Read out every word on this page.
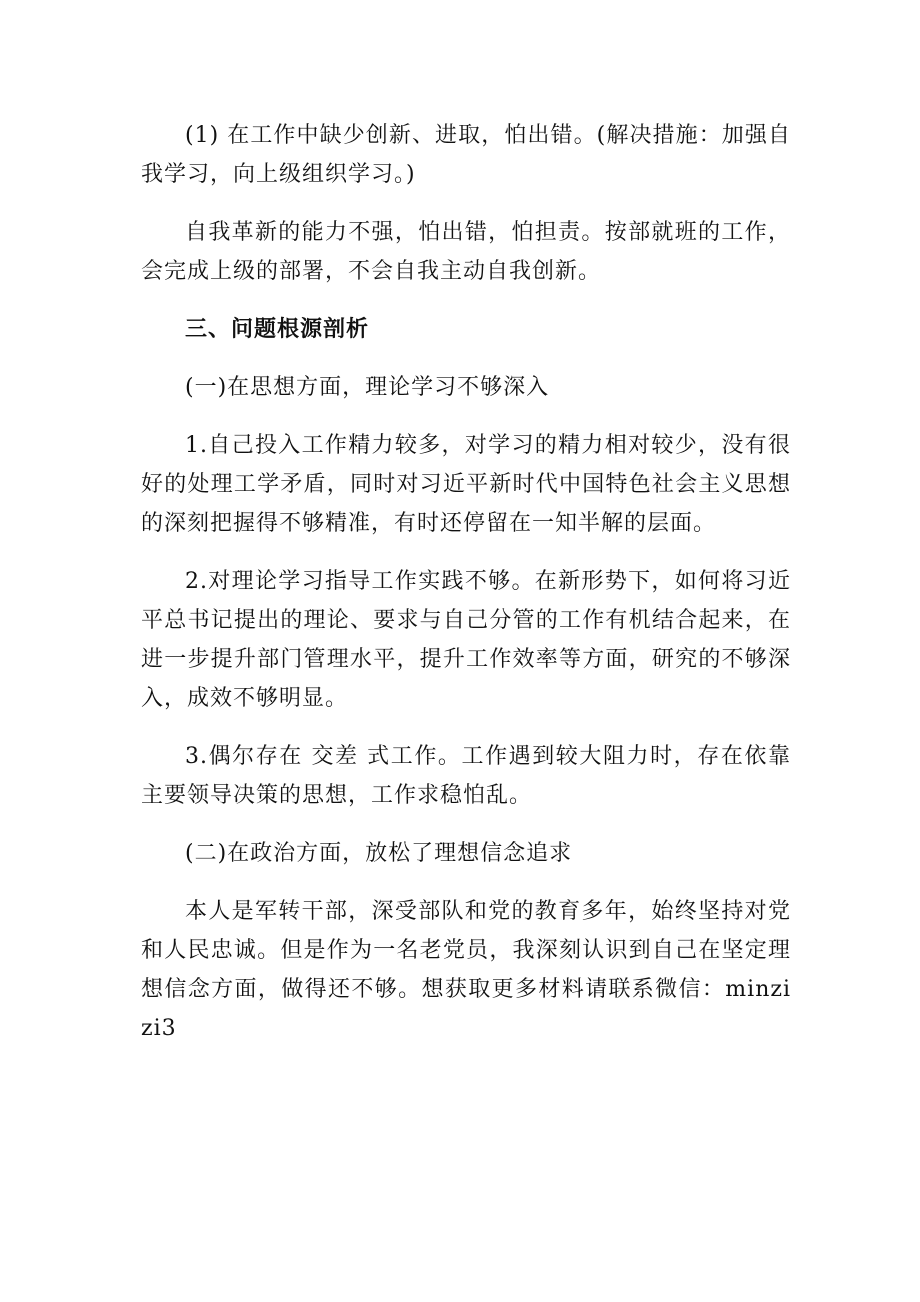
(1) 在工作中缺少创新、进取，怕出错。(解决措施：加强自我学习，向上级组织学习。)

自我革新的能力不强，怕出错，怕担责。按部就班的工作，会完成上级的部署，不会自我主动自我创新。

三、问题根源剖析

(一)在思想方面，理论学习不够深入

1.自己投入工作精力较多，对学习的精力相对较少，没有很好的处理工学矛盾，同时对习近平新时代中国特色社会主义思想的深刻把握得不够精准，有时还停留在一知半解的层面。

2.对理论学习指导工作实践不够。在新形势下，如何将习近平总书记提出的理论、要求与自己分管的工作有机结合起来，在进一步提升部门管理水平，提升工作效率等方面，研究的不够深入，成效不够明显。

3.偶尔存在 交差 式工作。工作遇到较大阻力时，存在依靠主要领导决策的思想，工作求稳怕乱。

(二)在政治方面，放松了理想信念追求

本人是军转干部，深受部队和党的教育多年，始终坚持对党和人民忠诚。但是作为一名老党员，我深刻认识到自己在坚定理想信念方面，做得还不够。想获取更多材料请联系微信：minzizi3
